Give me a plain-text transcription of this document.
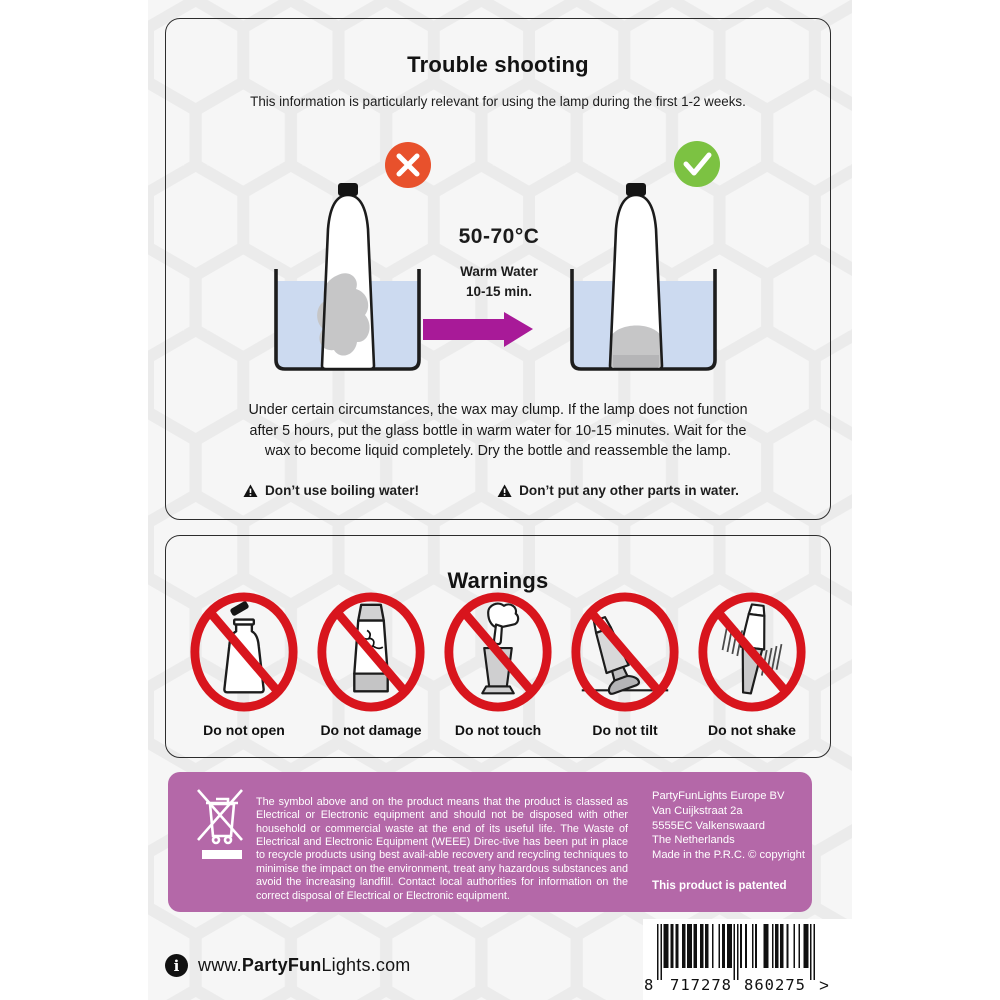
Trouble shooting

This information is particularly relevant for using the lamp during the first 1-2 weeks.

50-70°C
Warm Water
10-15 min.
Under certain circumstances, the wax may clump. If the lamp does not function
after 5 hours, put the glass bottle in warm water for 10-15 minutes. Wait for the
wax to become liquid completely. Dry the bottle and reassemble the lamp.
Don’t use boiling water!	Don’t put any other parts in water.
Warnings
Do not open	Do not damage Do not touch	Do not tilt	Do not shake

The symbol above and on the product means that the product is classed as Electrical or Electronic equipment and should not be disposed with other household or commercial waste at the end of its useful life. The Waste of Electrical and Electronic Equipment (WEEE) Direc-tive has been put in place to recycle products using best avail-able recovery and recycling techniques to minimise the impact on the environment, treat any hazardous substances and avoid the increasing landfill. Contact local authorities for information on the correct disposal of Electrical or Electronic equipment.

PartyFunLights Europe BV
Van Cuijkstraat 2a
5555EC Valkenswaard
The Netherlands
Made in the P.R.C. © copyright
This product is patented
i	www.PartyFunLights.com
8 717278 860275 >
